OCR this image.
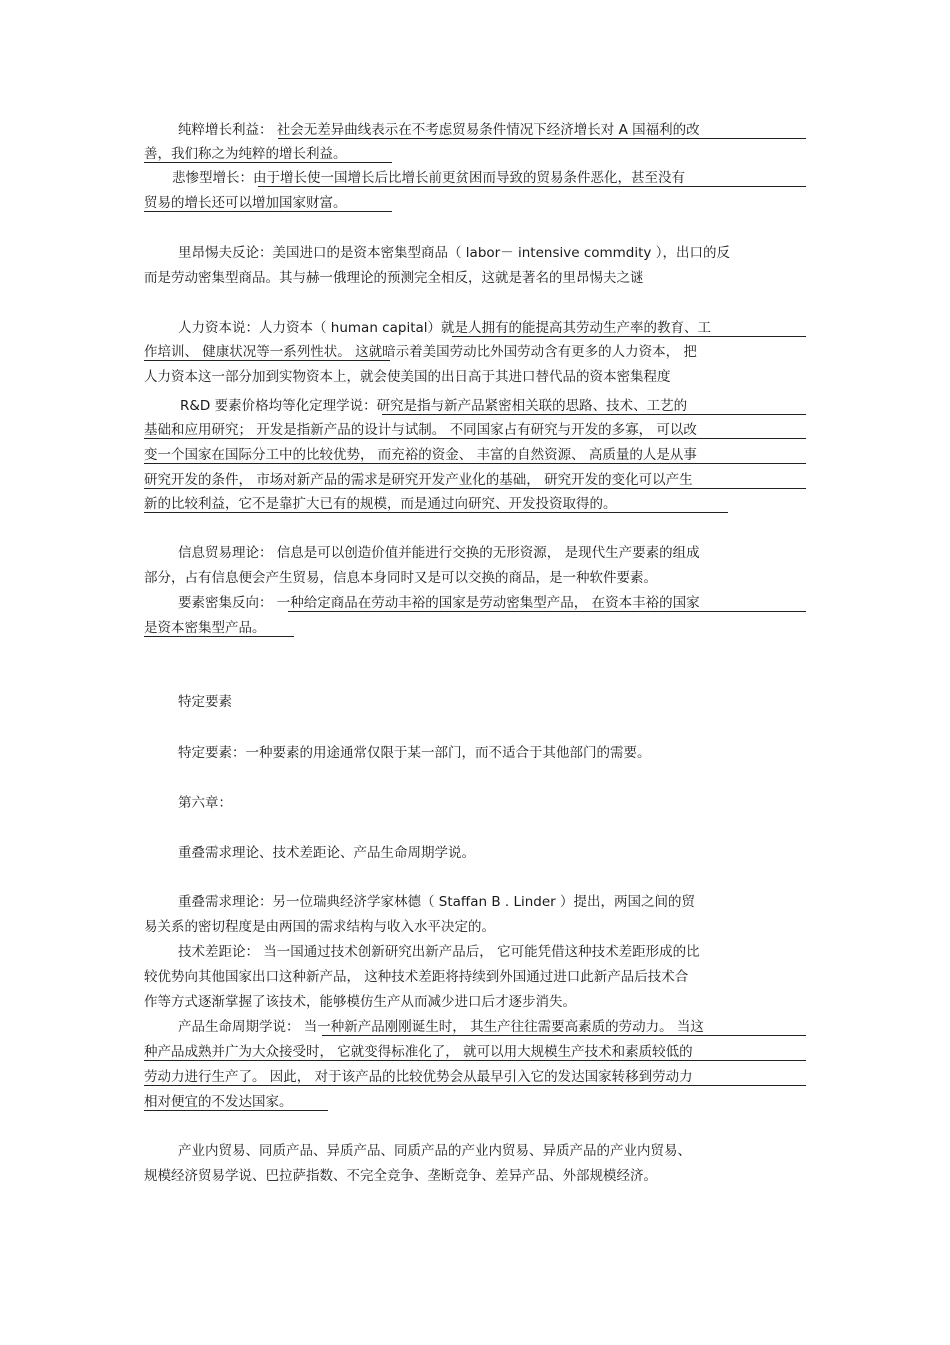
纯粹增长利益： 社会无差异曲线表示在不考虑贸易条件情况下经济增长对 A 国福利的改
善，我们称之为纯粹的增长利益。
悲惨型增长：由于增长使一国增长后比增长前更贫困而导致的贸易条件恶化，甚至没有
贸易的增长还可以增加国家财富。
里昂惕夫反论：美国进口的是资本密集型商品（ labor－ intensive commdity ），出口的反
而是劳动密集型商品。其与赫一俄理论的预测完全相反，这就是著名的里昂惕夫之谜
人力资本说：人力资本（ human capital）就是人拥有的能提高其劳动生产率的教育、工
作培训、 健康状况等一系列性状。 这就暗示着美国劳动比外国劳动含有更多的人力资本， 把
人力资本这一部分加到实物资本上，就会使美国的出日高于其进口替代品的资本密集程度
R&D 要素价格均等化定理学说：研究是指与新产品紧密相关联的思路、技术、工艺的
基础和应用研究； 开发是指新产品的设计与试制。 不同国家占有研究与开发的多寡， 可以改
变一个国家在国际分工中的比较优势， 而充裕的资金、 丰富的自然资源、 高质量的人是从事
研究开发的条件， 市场对新产品的需求是研究开发产业化的基础， 研究开发的变化可以产生
新的比较利益，它不是靠扩大已有的规模，而是通过向研究、开发投资取得的。
信息贸易理论： 信息是可以创造价值并能进行交换的无形资源， 是现代生产要素的组成
部分，占有信息便会产生贸易，信息本身同时又是可以交换的商品，是一种软件要素。
要素密集反向： 一种给定商品在劳动丰裕的国家是劳动密集型产品， 在资本丰裕的国家
是资本密集型产品。
特定要素
特定要素：一种要素的用途通常仅限于某一部门，而不适合于其他部门的需要。
第六章：
重叠需求理论、技术差距论、产品生命周期学说。
重叠需求理论：另一位瑞典经济学家林德（ Staffan B . Linder ）提出，两国之间的贸
易关系的密切程度是由两国的需求结构与收入水平决定的。
技术差距论： 当一国通过技术创新研究出新产品后， 它可能凭借这种技术差距形成的比
较优势向其他国家出口这种新产品， 这种技术差距将持续到外国通过进口此新产品后技术合
作等方式逐渐掌握了该技术，能够模仿生产从而减少进口后才逐步消失。
产品生命周期学说： 当一种新产品刚刚诞生时， 其生产往往需要高素质的劳动力。 当这
种产品成熟并广为大众接受时， 它就变得标准化了， 就可以用大规模生产技术和素质较低的
劳动力进行生产了。 因此， 对于该产品的比较优势会从最早引入它的发达国家转移到劳动力
相对便宜的不发达国家。
产业内贸易、同质产品、异质产品、同质产品的产业内贸易、异质产品的产业内贸易、
规模经济贸易学说、巴拉萨指数、不完全竞争、垄断竞争、差异产品、外部规模经济。
